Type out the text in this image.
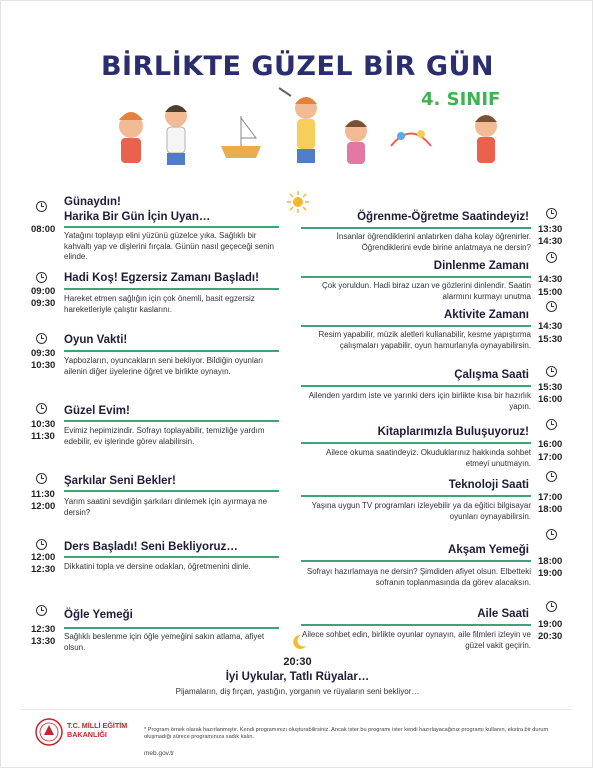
BİRLİKTE GÜZEL BİR GÜN
4. SINIF
Günaydın!
Harika Bir Gün İçin Uyan…
08:00
Yatağını toplayıp elini yüzünü güzelce yıka. Sağlıklı bir kahvaltı yap ve dişlerini fırçala. Günün nasıl geçeceği senin elinde.
Hadi Koş! Egzersiz Zamanı Başladı!
09:00
09:30 Hareket etmen sağlığın için çok önemli, basit egzersiz hareketleriyle çalıştır kaslarını.
Oyun Vakti!
09:30
10:30 Yapbozların, oyuncakların seni bekliyor. Bildiğin oyunları ailenin diğer üyelerine öğret ve birlikte oynayın.
Güzel Evim!
10:30
11:30
Evimiz hepimizindir. Sofrayı toplayabilir, temizliğe yardım edebilir, ev işlerinde görev alabilirsin.
Şarkılar Seni Bekler!
11:30
12:00 Yarım saatini sevdiğin şarkıları dinlemek için ayırmaya ne dersin?
Ders Başladı! Seni Bekliyoruz…
12:00
12:30 Dikkatini topla ve dersine odaklan, öğretmenini dinle.
Öğle Yemeği
12:30
13:30 Sağlıklı beslenme için öğle yemeğini sakın atlama, afiyet olsun.
Öğrenme-Öğretme Saatindeyiz!
13:30
14:30
İnsanlar öğrendiklerini anlatırken daha kolay öğrenirler. Öğrendiklerini evde birine anlatmaya ne dersin?
Dinlenme Zamanı
14:30
15:00
Çok yoruldun. Hadi biraz uzan ve gözlerini dinlendir. Saatin alarmını kurmayı unutma
Aktivite Zamanı
14:30
15:30
Resim yapabilir, müzik aletleri kullanabilir, kesme yapıştırma çalışmaları yapabilir, oyun hamurlarıyla oynayabilirsin.
Çalışma Saati
15:30
16:00
Ailenden yardım iste ve yarınki ders için birlikte kısa bir hazırlık yapın.
Kitaplarımızla Buluşuyoruz!
16:00
17:00
Ailece okuma saatindeyiz. Okuduklarınız hakkında sohbet etmeyi unutmayın.
Teknoloji Saati
17:00
18:00
Yaşına uygun TV programları izleyebilir ya da eğitici bilgisayar oyunları oynayabilirsin.
Akşam Yemeği
18:00
19:00
Sofrayı hazırlamaya ne dersin? Şimdiden afiyet olsun. Elbetteki sofranın toplanmasında da görev alacaksın.
Aile Saati
19:00
20:30
Ailece sohbet edin, birlikte oyunlar oynayın, aile filmleri izleyin ve güzel vakit geçirin.
20:30
İyi Uykular, Tatlı Rüyalar…
Pijamaların, diş fırçan, yastığın, yorganın ve rüyaların seni bekliyor…
T.C. MİLLİ EĞİTİM
BAKANLIĞI	* Program örnek olarak hazırlanmıştır. Kendi programınızı oluşturabilirsiniz. Ancak ister bu programı ister kendi hazırlayacağınız programı kullanın, ekstra bir durum oluşmadığı sürece programınıza sadık kalın.
meb.gov.tr
